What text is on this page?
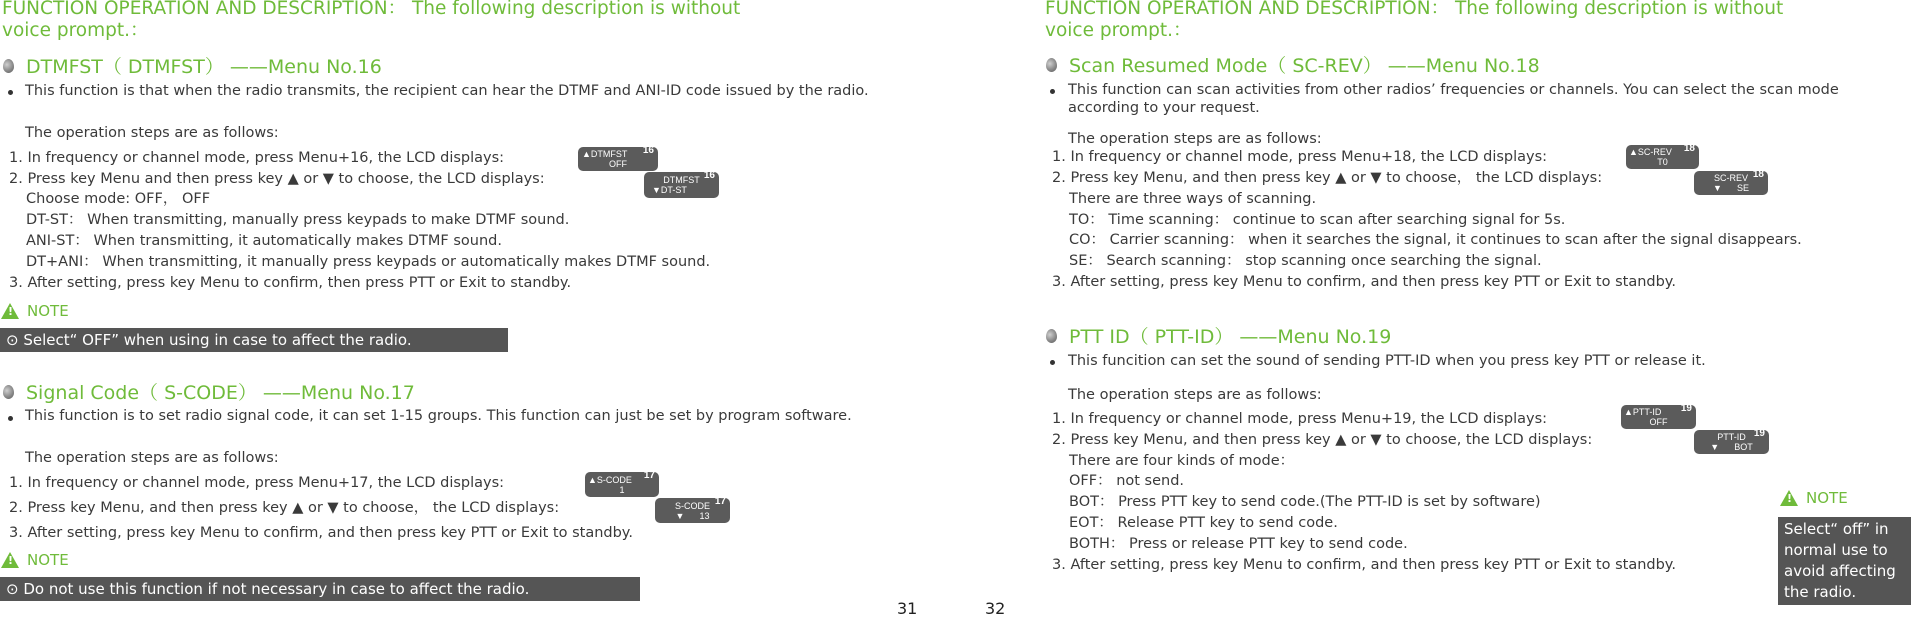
FUNCTION OPERATION AND DESCRIPTION： The following description is without
voice prompt.：
DTMFST（ DTMFST） ——Menu No.16
This function is that when the radio transmits, the recipient can hear the DTMF and ANI-ID code issued by the radio.
The operation steps are as follows:
1. In frequency or channel mode, press Menu+16, the LCD displays:	▲DTMFST
OFF
16
2. Press key Menu and then press key ▲ or ▼ to choose, the LCD displays:	DTMFST
▼DT-ST
16
Choose mode: OFF， OFF
DT-ST： When transmitting, manually press keypads to make DTMF sound.
ANI-ST： When transmitting, it automatically makes DTMF sound.
DT+ANI： When transmitting, it manually press keypads or automatically makes DTMF sound.
3. After setting, press key Menu to confirm, then press PTT or Exit to standby.
! NOTE
⊙ Select“ OFF” when using in case to affect the radio.
Signal Code（ S-CODE） ——Menu No.17
This function is to set radio signal code, it can set 1-15 groups. This function can just be set by program software.
The operation steps are as follows:
1. In frequency or channel mode, press Menu+17, the LCD displays:	▲S-CODE
1
17
2. Press key Menu, and then press key ▲ or ▼ to choose， the LCD displays:	S-CODE
▼      13
17
3. After setting, press key Menu to confirm, and then press key PTT or Exit to standby.
! NOTE
⊙ Do not use this function if not necessary in case to affect the radio.
31	32
FUNCTION OPERATION AND DESCRIPTION： The following description is without
voice prompt.：
Scan Resumed Mode（ SC-REV） ——Menu No.18
This function can scan activities from other radios’ frequencies or channels. You can select the scan mode according to your request.
The operation steps are as follows:
1. In frequency or channel mode, press Menu+18, the LCD displays:	▲SC-REV
T0
18
2. Press key Menu, and then press key ▲ or ▼ to choose， the LCD displays:	SC-REV
▼      SE
18
There are three ways of scanning.
TO： Time scanning： continue to scan after searching signal for 5s.
CO： Carrier scanning： when it searches the signal, it continues to scan after the signal disappears.
SE： Search scanning： stop scanning once searching the signal.
3. After setting, press key Menu to confirm, and then press key PTT or Exit to standby.
PTT ID（ PTT-ID） ——Menu No.19
This funcition can set the sound of sending PTT-ID when you press key PTT or release it.
The operation steps are as follows:
1. In frequency or channel mode, press Menu+19, the LCD displays:	▲PTT-ID
OFF
19
2. Press key Menu, and then press key ▲ or ▼ to choose, the LCD displays:	PTT-ID
▼      BOT
19
There are four kinds of mode：
OFF： not send.
BOT： Press PTT key to send code.(The PTT-ID is set by software)
EOT： Release PTT key to send code.
BOTH： Press or release PTT key to send code.
3. After setting, press key Menu to confirm, and then press key PTT or Exit to standby.
! NOTE
Select“ off” in normal use to avoid affecting the radio.
